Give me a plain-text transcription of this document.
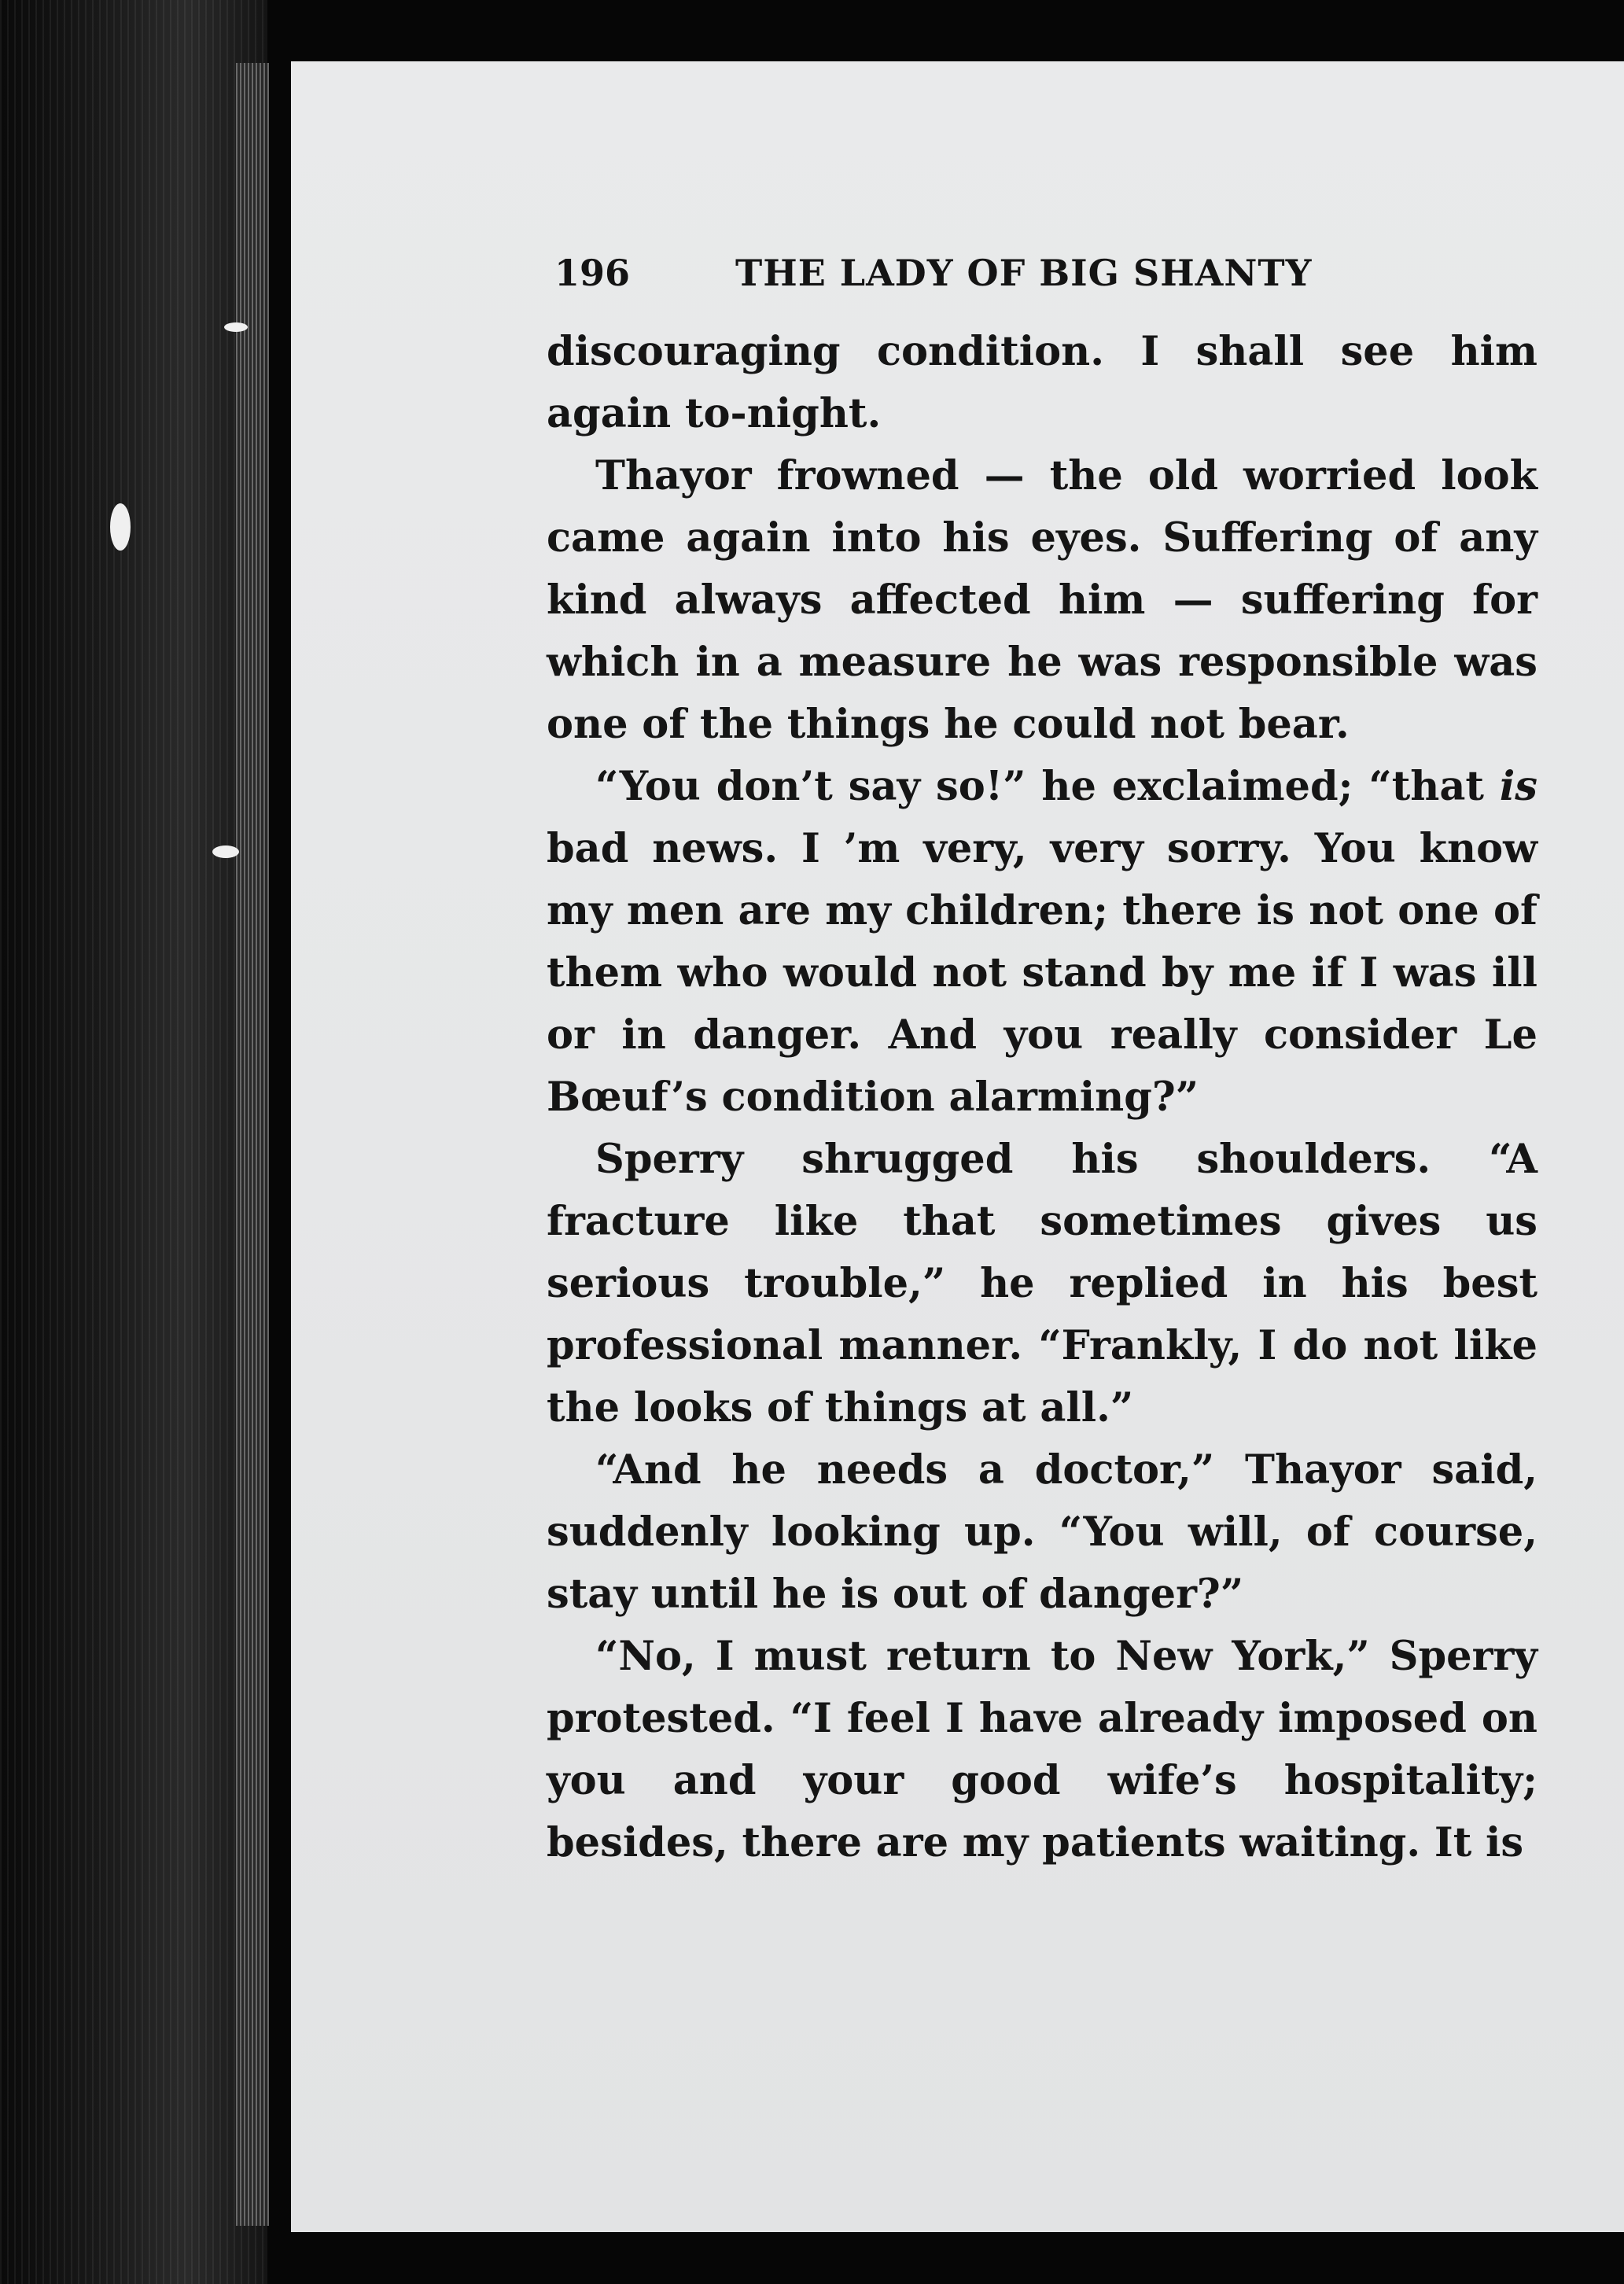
196	THE LADY OF BIG SHANTY

discouraging condition. I shall see him again to-night.

Thayor frowned — the old worried look came again into his eyes. Suffering of any kind always affected him — suffering for which in a measure he was responsible was one of the things he could not bear.

“You don’t say so!” he exclaimed; “that is bad news. I ’m very, very sorry. You know my men are my children; there is not one of them who would not stand by me if I was ill or in danger. And you really consider Le Bœuf’s condition alarming?”

Sperry shrugged his shoulders. “A fracture like that sometimes gives us serious trouble,” he replied in his best professional manner. “Frankly, I do not like the looks of things at all.”

“And he needs a doctor,” Thayor said, suddenly looking up. “You will, of course, stay until he is out of danger?”

“No, I must return to New York,” Sperry protested. “I feel I have already imposed on you and your good wife’s hospitality; besides, there are my patients waiting. It is
